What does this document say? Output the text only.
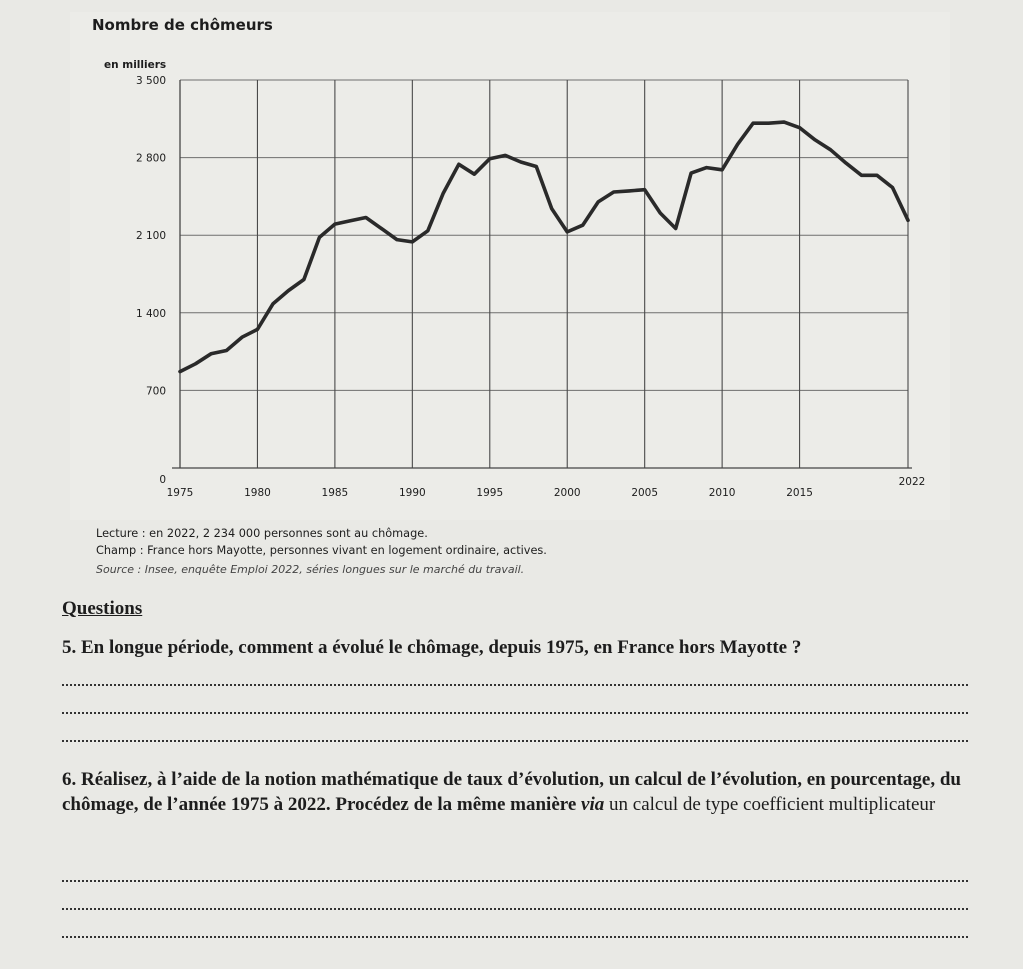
Nombre de chômeurs
0
700
1 400
2 100
2 800
3 500
1975	1980	1985	1990	1995	2000	2005	2010	2015
2022
en milliers
Lecture : en 2022, 2 234 000 personnes sont au chômage.
Champ : France hors Mayotte, personnes vivant en logement ordinaire, actives.
Source : Insee, enquête Emploi 2022, séries longues sur le marché du travail.
Questions
5. En longue période, comment a évolué le chômage, depuis 1975, en France hors Mayotte ?
6. Réalisez, à l’aide de la notion mathématique de taux d’évolution, un calcul de l’évolution, en pourcentage, du chômage, de l’année 1975 à 2022. Procédez de la même manière via un calcul de type coefficient multiplicateur
